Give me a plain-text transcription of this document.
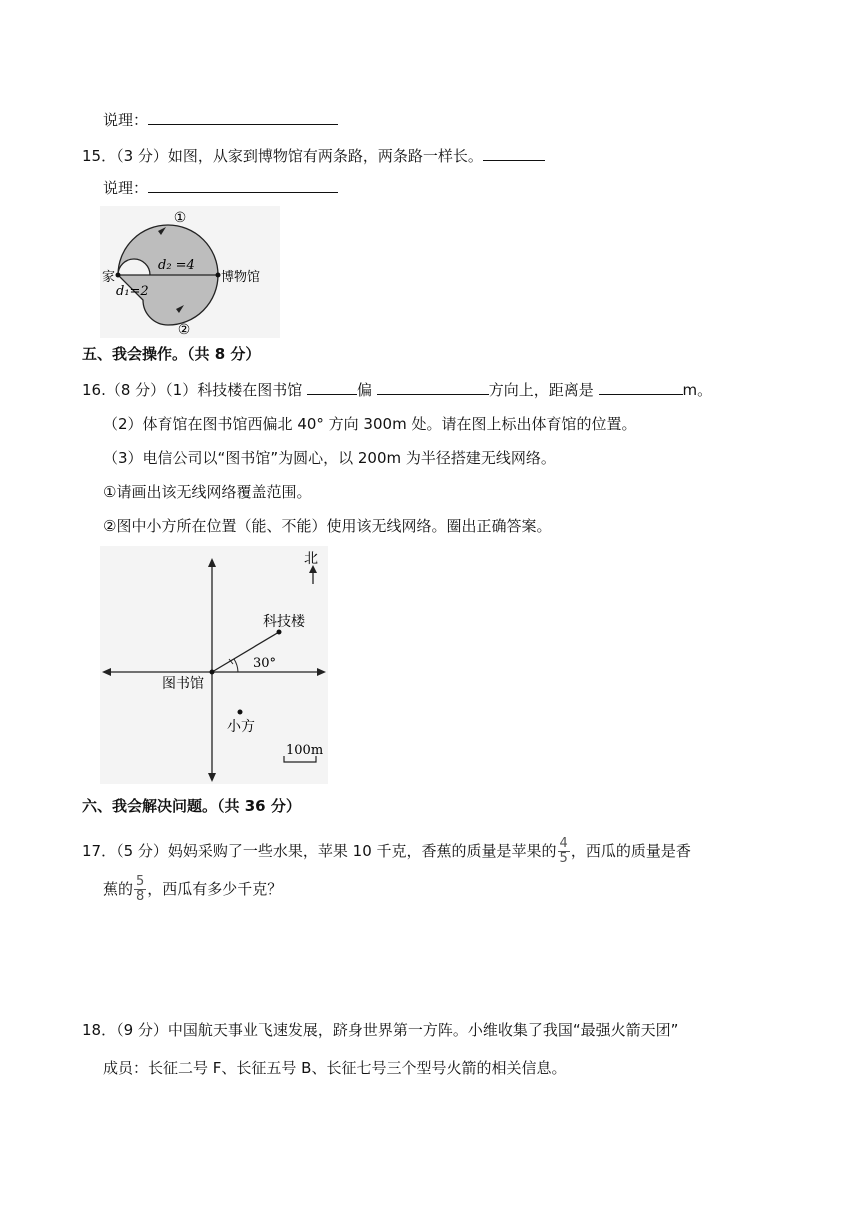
说理：
15．（3 分）如图，从家到博物馆有两条路，两条路一样长。
说理：
①
②
家	博物馆
d₂ =4
d₁=2
五、我会操作。（共 8 分）
16.（8 分）（1）科技楼在图书馆	偏	方向上，距离是	m。
（2）体育馆在图书馆西偏北 40° 方向 300m 处。请在图上标出体育馆的位置。
（3）电信公司以“图书馆”为圆心，以 200m 为半径搭建无线网络。
①请画出该无线网络覆盖范围。
②图中小方所在位置（能、不能）使用该无线网络。圈出正确答案。
北
科技楼
30°
图书馆
小方
100m
六、我会解决问题。（共 36 分）
17．（5 分）妈妈采购了一些水果，苹果 10 千克，香蕉的质量是苹果的 $\frac{4}{5}$ ，西瓜的质量是香
蕉的 $\frac{5}{8}$ ，西瓜有多少千克？
18．（9 分）中国航天事业飞速发展，跻身世界第一方阵。小维收集了我国“最强火箭天团”
成员：长征二号 F、长征五号 B、长征七号三个型号火箭的相关信息。
